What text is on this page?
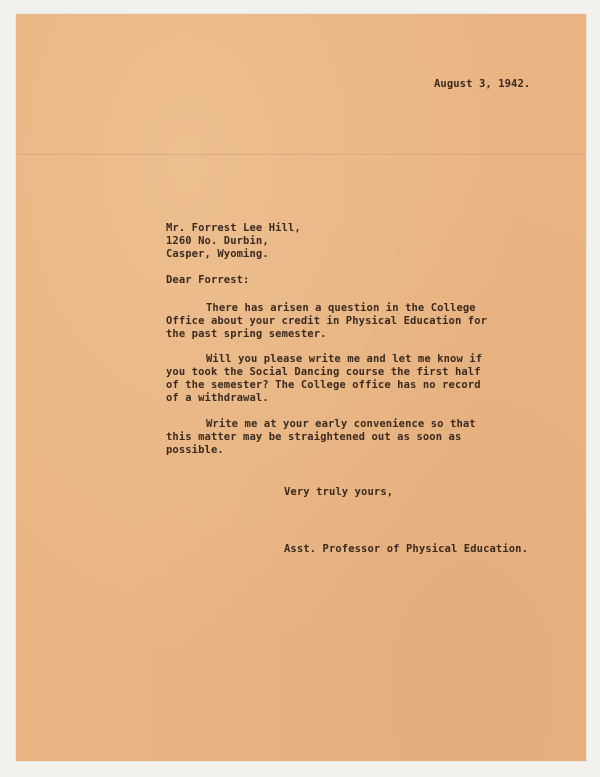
August 3, 1942.
Mr. Forrest Lee Hill,
1260 No. Durbin,
Casper, Wyoming.
Dear Forrest:
There has arisen a question in the College
Office about your credit in Physical Education for
the past spring semester.
Will you please write me and let me know if
you took the Social Dancing course the first half
of the semester? The College office has no record
of a withdrawal.
Write me at your early convenience so that
this matter may be straightened out as soon as
possible.
Very truly yours,
Asst. Professor of Physical Education.
